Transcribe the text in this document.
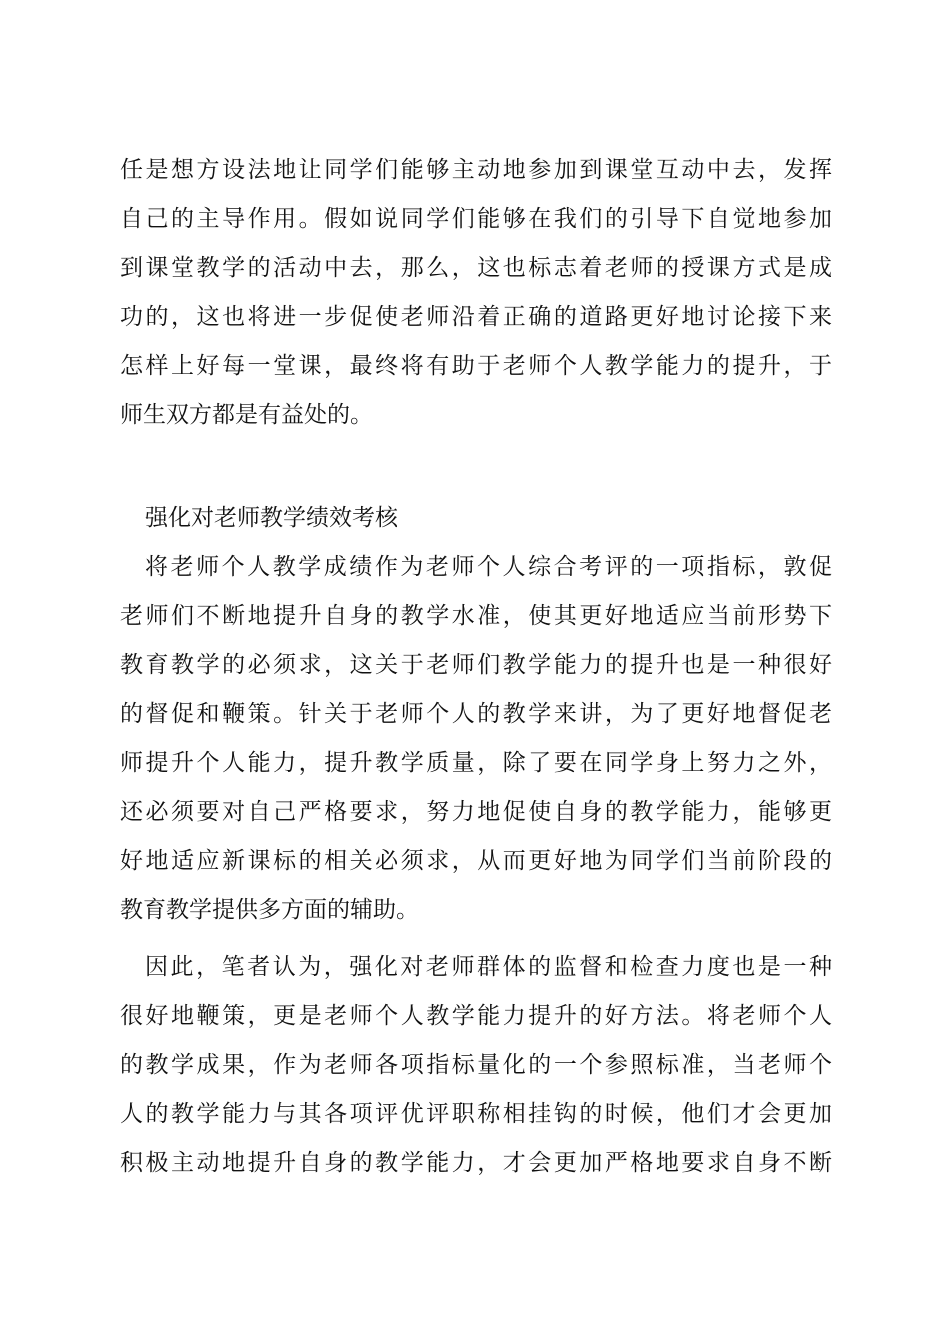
任是想方设法地让同学们能够主动地参加到课堂互动中去，发挥
自己的主导作用。假如说同学们能够在我们的引导下自觉地参加
到课堂教学的活动中去，那么，这也标志着老师的授课方式是成
功的，这也将进一步促使老师沿着正确的道路更好地讨论接下来
怎样上好每一堂课，最终将有助于老师个人教学能力的提升，于
师生双方都是有益处的。
强化对老师教学绩效考核
将老师个人教学成绩作为老师个人综合考评的一项指标，敦促
老师们不断地提升自身的教学水准，使其更好地适应当前形势下
教育教学的必须求，这关于老师们教学能力的提升也是一种很好
的督促和鞭策。针关于老师个人的教学来讲，为了更好地督促老
师提升个人能力，提升教学质量，除了要在同学身上努力之外，
还必须要对自己严格要求，努力地促使自身的教学能力，能够更
好地适应新课标的相关必须求，从而更好地为同学们当前阶段的
教育教学提供多方面的辅助。
因此，笔者认为，强化对老师群体的监督和检查力度也是一种
很好地鞭策，更是老师个人教学能力提升的好方法。将老师个人
的教学成果，作为老师各项指标量化的一个参照标准，当老师个
人的教学能力与其各项评优评职称相挂钩的时候，他们才会更加
积极主动地提升自身的教学能力，才会更加严格地要求自身不断
